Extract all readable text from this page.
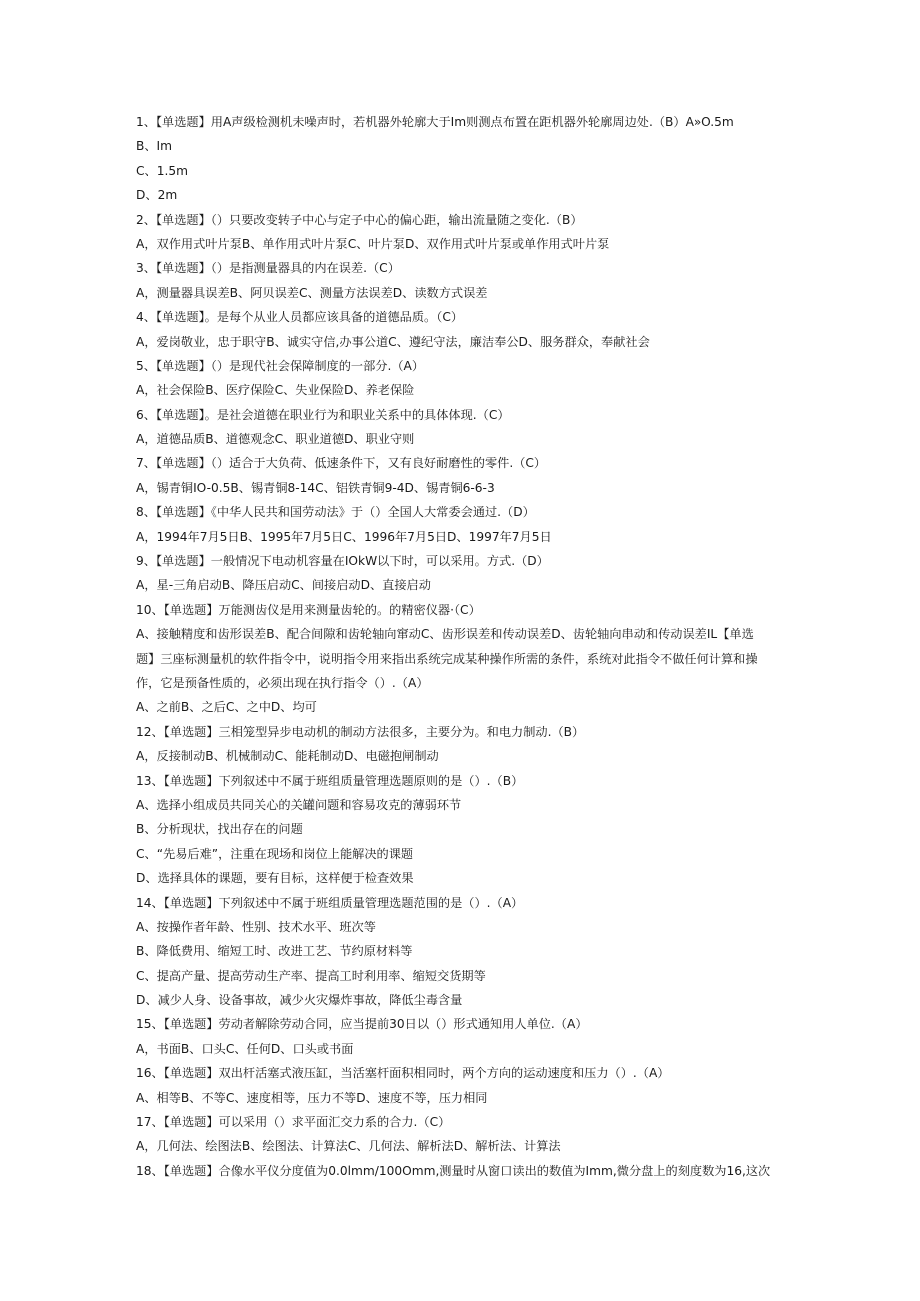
1、【单选题】用A声级检测机未噪声时，若机器外轮廓大于Im则测点布置在距机器外轮廓周边处.（B）A»O.5m
B、Im
C、1.5m
D、2m
2、【单选题】（）只要改变转子中心与定子中心的偏心距，输出流量随之变化.（B）
A，双作用式叶片泵B、单作用式叶片泵C、叶片泵D、双作用式叶片泵或单作用式叶片泵
3、【单选题】（）是指测量器具的内在误差.（C）
A，测量器具误差B、阿贝误差C、测量方法误差D、读数方式误差
4、【单选题】。是每个从业人员都应该具备的道德品质。（C）
A，爱岗敬业，忠于职守B、诚实守信,办事公道C、遵纪守法，廉洁奉公D、服务群众，奉献社会
5、【单选题】（）是现代社会保障制度的一部分.（A）
A，社会保险B、医疗保险C、失业保险D、养老保险
6、【单选题】。是社会道德在职业行为和职业关系中的具体体现.（C）
A，道德品质B、道德观念C、职业道德D、职业守则
7、【单选题】（）适合于大负荷、低速条件下，又有良好耐磨性的零件.（C）
A，锡青铜IO-0.5B、锡青铜8-14C、铝铁青铜9-4D、锡青铜6-6-3
8、【单选题】《中华人民共和国劳动法》于（）全国人大常委会通过.（D）
A，1994年7月5日B、1995年7月5日C、1996年7月5日D、1997年7月5日
9、【单选题】一般情况下电动机容量在IOkW以下时，可以采用。方式.（D）
A，星-三角启动B、降压启动C、间接启动D、直接启动
10、【单选题】万能测齿仪是用来测量齿轮的。的精密仪器·（C）
A、接触精度和齿形误差B、配合间隙和齿轮轴向窜动C、齿形误差和传动误差D、齿轮轴向串动和传动误差IL【单选
题】三座标测量机的软件指令中，说明指令用来指出系统完成某种操作所需的条件，系统对此指令不做任何计算和操
作，它是预备性质的，必须出现在执行指令（）.（A）
A、之前B、之后C、之中D、均可
12、【单选题】三相笼型异步电动机的制动方法很多，主要分为。和电力制动.（B）
A，反接制动B、机械制动C、能耗制动D、电磁抱闸制动
13、【单选题】下列叙述中不属于班组质量管理选题原则的是（）.（B）
A、选择小组成员共同关心的关罐问题和容易攻克的薄弱环节
B、分析现状，找出存在的问题
C、“先易后难”，注重在现场和岗位上能解决的课题
D、选择具体的课题，要有目标，这样便于检查效果
14、【单选题】下列叙述中不属于班组质量管理选题范围的是（）.（A）
A、按操作者年龄、性别、技术水平、班次等
B、降低费用、缩短工时、改进工艺、节约原材料等
C、提高产量、提高劳动生产率、提高工时利用率、缩短交货期等
D、减少人身、设备事故，减少火灾爆炸事故，降低尘毒含量
15、【单选题】劳动者解除劳动合同，应当提前30日以（）形式通知用人单位.（A）
A，书面B、口头C、任何D、口头或书面
16、【单选题】双出杆活塞式液压缸，当活塞杆面积相同时，两个方向的运动速度和压力（）.（A）
A、相等B、不等C、速度相等，压力不等D、速度不等，压力相同
17、【单选题】可以采用（）求平面汇交力系的合力.（C）
A，几何法、绘图法B、绘图法、计算法C、几何法、解析法D、解析法、计算法
18、【单选题】合像水平仪分度值为0.0lmm/100Omm,测量时从窗口读出的数值为Imm,微分盘上的刻度数为16,这次
